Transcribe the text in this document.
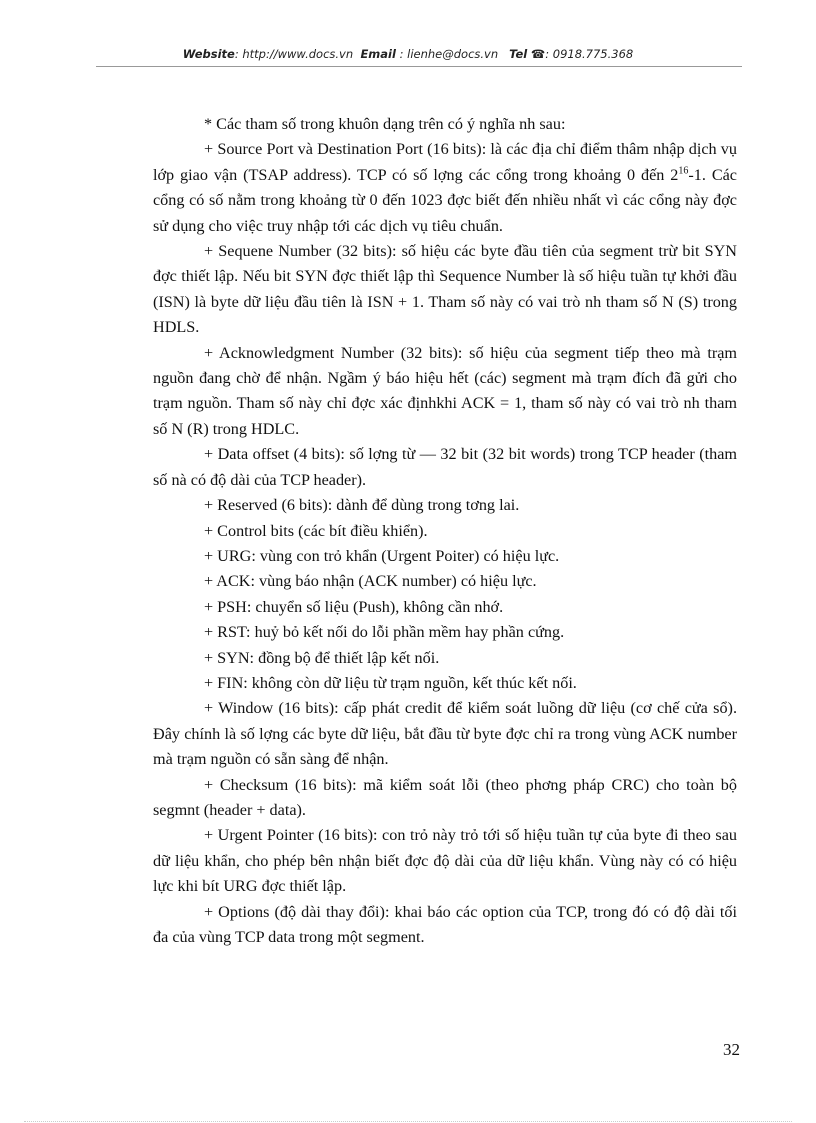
Website: http://www.docs.vn Email : lienhe@docs.vn Tel ☎: 0918.775.368

* Các tham số trong khuôn dạng trên có ý nghĩa nh sau:

+ Source Port và Destination Port (16 bits): là các địa chỉ điểm thâm nhập dịch vụ lớp giao vận (TSAP address). TCP có số lợng các cổng trong khoảng 0 đến $2^{16}-1$. Các cổng có số nằm trong khoảng từ 0 đến 1023 đợc biết đến nhiều nhất vì các cổng này đợc sử dụng cho việc truy nhập tới các dịch vụ tiêu chuẩn.

+ Sequene Number (32 bits): số hiệu các byte đầu tiên của segment trừ bit SYN đợc thiết lập. Nếu bit SYN đợc thiết lập thì Sequence Number là số hiệu tuần tự khởi đầu (ISN) là byte dữ liệu đầu tiên là ISN + 1. Tham số này có vai trò nh tham số N (S) trong HDLS.

+ Acknowledgment Number (32 bits): số hiệu của segment tiếp theo mà trạm nguồn đang chờ để nhận. Ngầm ý báo hiệu hết (các) segment mà trạm đích đã gửi cho trạm nguồn. Tham số này chỉ đợc xác địnhkhi ACK = 1, tham số này có vai trò nh tham số N (R) trong HDLC.

+ Data offset (4 bits): số lợng từ — 32 bit (32 bit words) trong TCP header (tham số nà có độ dài của TCP header).

+ Reserved (6 bits): dành để dùng trong tơng lai.

+ Control bits (các bít điều khiển).

+ URG: vùng con trỏ khẩn (Urgent Poiter) có hiệu lực.

+ ACK: vùng báo nhận (ACK number) có hiệu lực.

+ PSH: chuyển số liệu (Push), không cần nhớ.

+ RST: huỷ bỏ kết nối do lỗi phần mềm hay phần cứng.

+ SYN: đồng bộ để thiết lập kết nối.

+ FIN: không còn dữ liệu từ trạm nguồn, kết thúc kết nối.

+ Window (16 bits): cấp phát credit để kiểm soát luồng dữ liệu (cơ chế cửa sổ). Đây chính là số lợng các byte dữ liệu, bắt đầu từ byte đợc chỉ ra trong vùng ACK number mà trạm nguồn có sẵn sàng để nhận.

+ Checksum (16 bits): mã kiểm soát lỗi (theo phơng pháp CRC) cho toàn bộ segmnt (header + data).

+ Urgent Pointer (16 bits): con trỏ này trỏ tới số hiệu tuần tự của byte đi theo sau dữ liệu khẩn, cho phép bên nhận biết đợc độ dài của dữ liệu khẩn. Vùng này có có hiệu lực khi bít URG đợc thiết lập.

+ Options (độ dài thay đổi): khai báo các option của TCP, trong đó có độ dài tối đa của vùng TCP data trong một segment.

32
